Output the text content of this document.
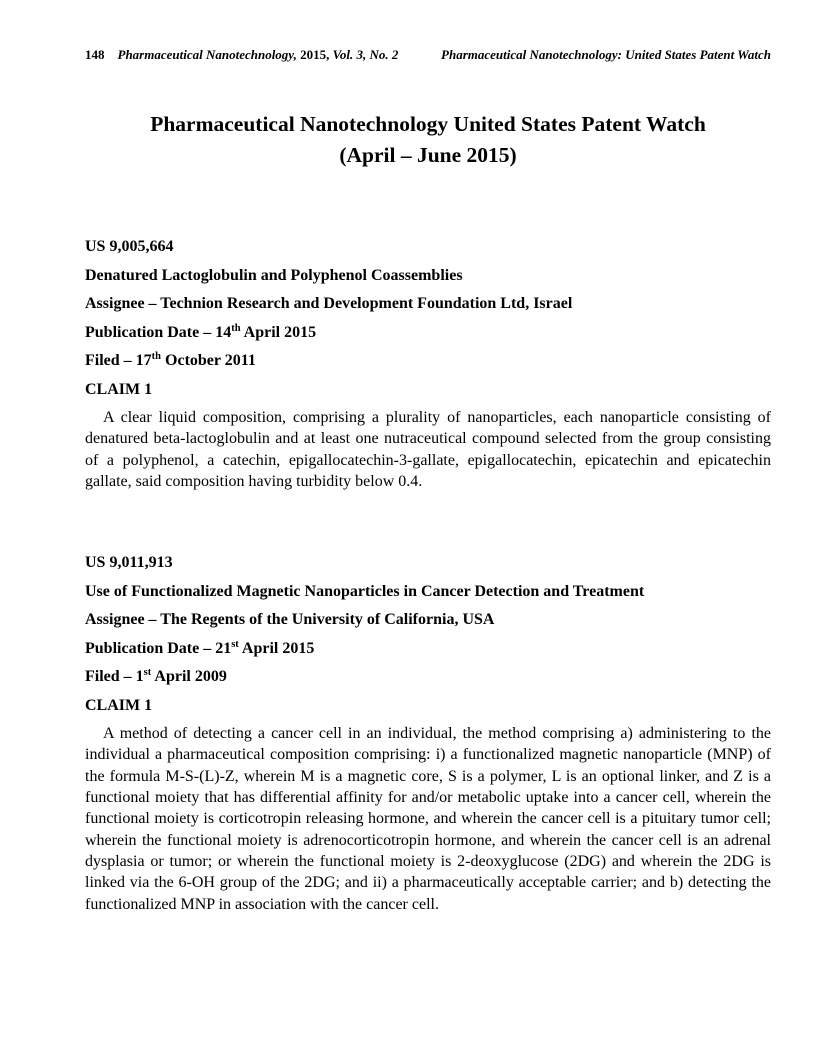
148 Pharmaceutical Nanotechnology, 2015, Vol. 3, No. 2	Pharmaceutical Nanotechnology: United States Patent Watch
Pharmaceutical Nanotechnology United States Patent Watch
(April – June 2015)
US 9,005,664
Denatured Lactoglobulin and Polyphenol Coassemblies
Assignee – Technion Research and Development Foundation Ltd, Israel
Publication Date – 14th April 2015
Filed – 17th October 2011
CLAIM 1

A clear liquid composition, comprising a plurality of nanoparticles, each nanoparticle consisting of denatured beta-lactoglobulin and at least one nutraceutical compound selected from the group consisting of a polyphenol, a catechin, epigallocatechin-3-gallate, epigallocatechin, epicatechin and epicatechin gallate, said composition having turbidity below 0.4.

US 9,011,913
Use of Functionalized Magnetic Nanoparticles in Cancer Detection and Treatment
Assignee – The Regents of the University of California, USA
Publication Date – 21st April 2015
Filed – 1st April 2009
CLAIM 1

A method of detecting a cancer cell in an individual, the method comprising a) administering to the individual a pharmaceutical composition comprising: i) a functionalized magnetic nanoparticle (MNP) of the formula M-S-(L)-Z, wherein M is a magnetic core, S is a polymer, L is an optional linker, and Z is a functional moiety that has differential affinity for and/or metabolic uptake into a cancer cell, wherein the functional moiety is corticotropin releasing hormone, and wherein the cancer cell is a pituitary tumor cell; wherein the functional moiety is adrenocorticotropin hormone, and wherein the cancer cell is an adrenal dysplasia or tumor; or wherein the functional moiety is 2-deoxyglucose (2DG) and wherein the 2DG is linked via the 6-OH group of the 2DG; and ii) a pharmaceutically acceptable carrier; and b) detecting the functionalized MNP in association with the cancer cell.
